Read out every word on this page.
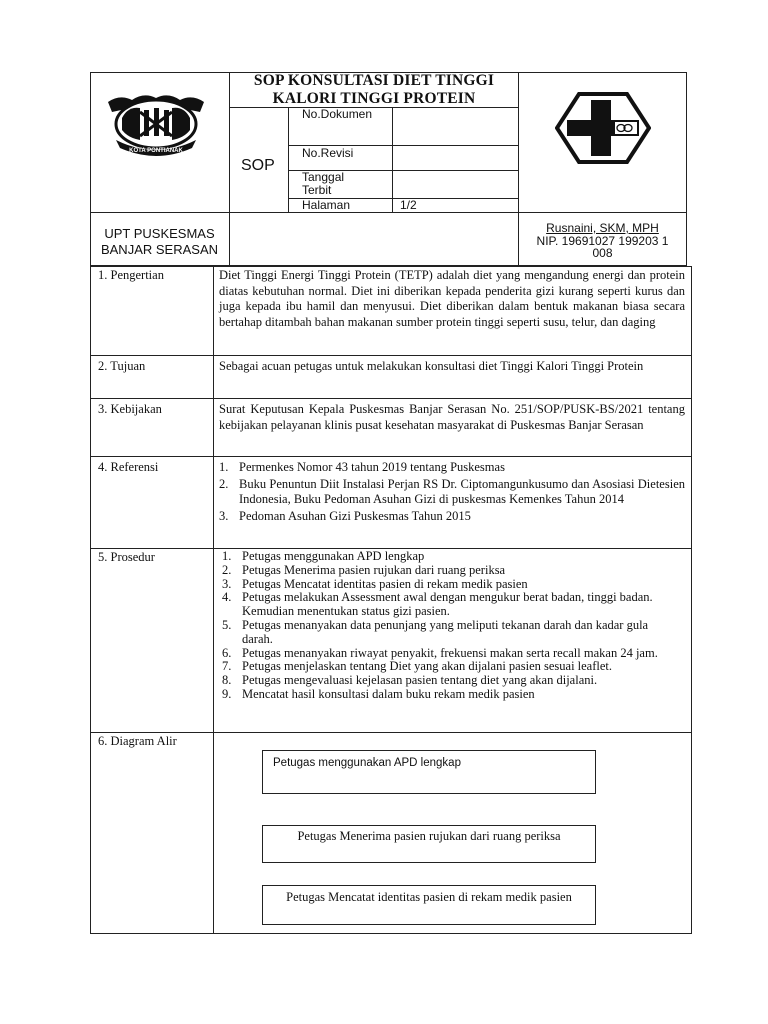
SOP KONSULTASI DIET TINGGI KALORI TINGGI PROTEIN
SOP
No.Dokumen
No.Revisi
Tanggal Terbit
Halaman	1/2
UPT PUSKESMAS
BANJAR SERASAN
Rusnaini, SKM, MPH
NIP. 19691027 199203 1
008
KOTA PONTIANAK
1. Pengertian	Diet Tinggi Energi Tinggi Protein (TETP) adalah diet yang mengandung energi dan protein diatas kebutuhan normal. Diet ini diberikan kepada penderita gizi kurang seperti kurus dan juga kepada ibu hamil dan menyusui. Diet diberikan dalam bentuk makanan biasa secara bertahap ditambah bahan makanan sumber protein tinggi seperti susu, telur, dan daging
2. Tujuan	Sebagai acuan petugas untuk melakukan konsultasi diet Tinggi Kalori Tinggi Protein
3. Kebijakan	Surat Keputusan Kepala Puskesmas Banjar Serasan No. 251/SOP/PUSK-BS/2021 tentang kebijakan pelayanan klinis pusat kesehatan masyarakat di Puskesmas Banjar Serasan
4. Referensi	1. Permenkes Nomor 43 tahun 2019 tentang Puskesmas
2. Buku Penuntun Diit Instalasi Perjan RS Dr. Ciptomangunkusumo dan Asosiasi Dietesien Indonesia, Buku Pedoman Asuhan Gizi di puskesmas Kemenkes Tahun 2014
3. Pedoman Asuhan Gizi Puskesmas Tahun 2015
5. Prosedur	1. Petugas menggunakan APD lengkap
2. Petugas Menerima pasien rujukan dari ruang periksa
3. Petugas Mencatat identitas pasien di rekam medik pasien
4. Petugas melakukan Assessment awal dengan mengukur berat badan, tinggi badan. Kemudian menentukan status gizi pasien.
5. Petugas menanyakan data penunjang yang meliputi tekanan darah dan kadar gula darah.
6. Petugas menanyakan riwayat penyakit, frekuensi makan serta recall makan 24 jam.
7. Petugas menjelaskan tentang Diet yang akan dijalani pasien sesuai leaflet.
8. Petugas mengevaluasi kejelasan pasien tentang diet yang akan dijalani.
9. Mencatat hasil konsultasi dalam buku rekam medik pasien
6. Diagram Alir
Petugas menggunakan APD lengkap
Petugas Menerima pasien rujukan dari ruang periksa
Petugas Mencatat identitas pasien di rekam medik pasien
